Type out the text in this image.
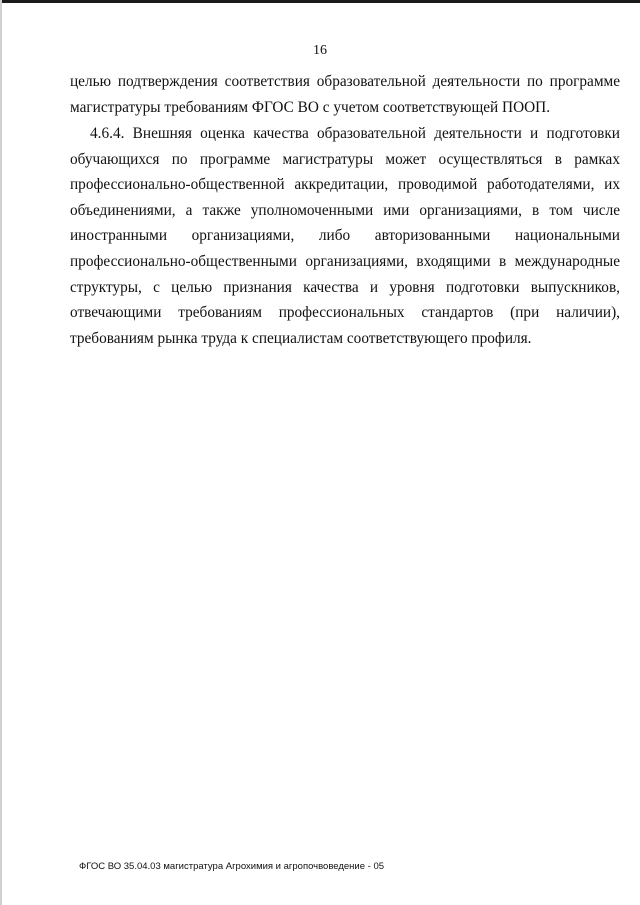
16
целью подтверждения соответствия образовательной деятельности по программе магистратуры требованиям ФГОС ВО с учетом соответствующей ПООП.
4.6.4. Внешняя оценка качества образовательной деятельности и подготовки обучающихся по программе магистратуры может осуществляться в рамках профессионально-общественной аккредитации, проводимой работодателями, их объединениями, а также уполномоченными ими организациями, в том числе иностранными организациями, либо авторизованными национальными профессионально-общественными организациями, входящими в международные структуры, с целью признания качества и уровня подготовки выпускников, отвечающими требованиям профессиональных стандартов (при наличии), требованиям рынка труда к специалистам соответствующего профиля.
ФГОС ВО 35.04.03 магистратура Агрохимия и агропочвоведение - 05
